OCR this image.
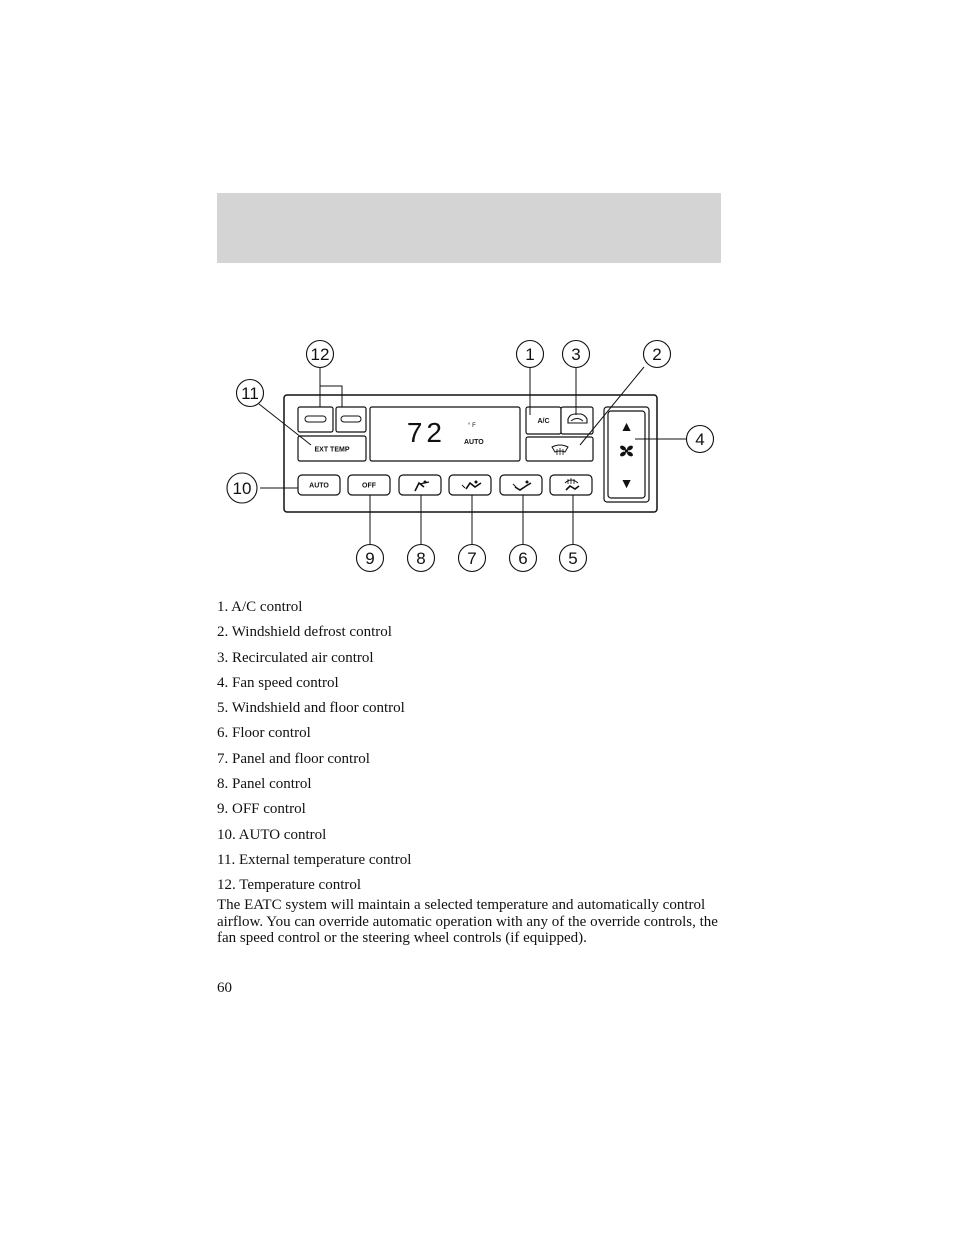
▲
▼
EXT TEMP
72	° F
AUTO
A/C
AUTO	OFF
1	2
3
4
5
6
7
8
9
10
11
12
1. A/C control
2. Windshield defrost control
3. Recirculated air control
4. Fan speed control
5. Windshield and floor control
6. Floor control
7. Panel and floor control
8. Panel control
9. OFF control
10. AUTO control
11. External temperature control
12. Temperature control

The EATC system will maintain a selected temperature and automatically control airflow. You can override automatic operation with any of the override controls, the fan speed control or the steering wheel controls (if equipped).

60
